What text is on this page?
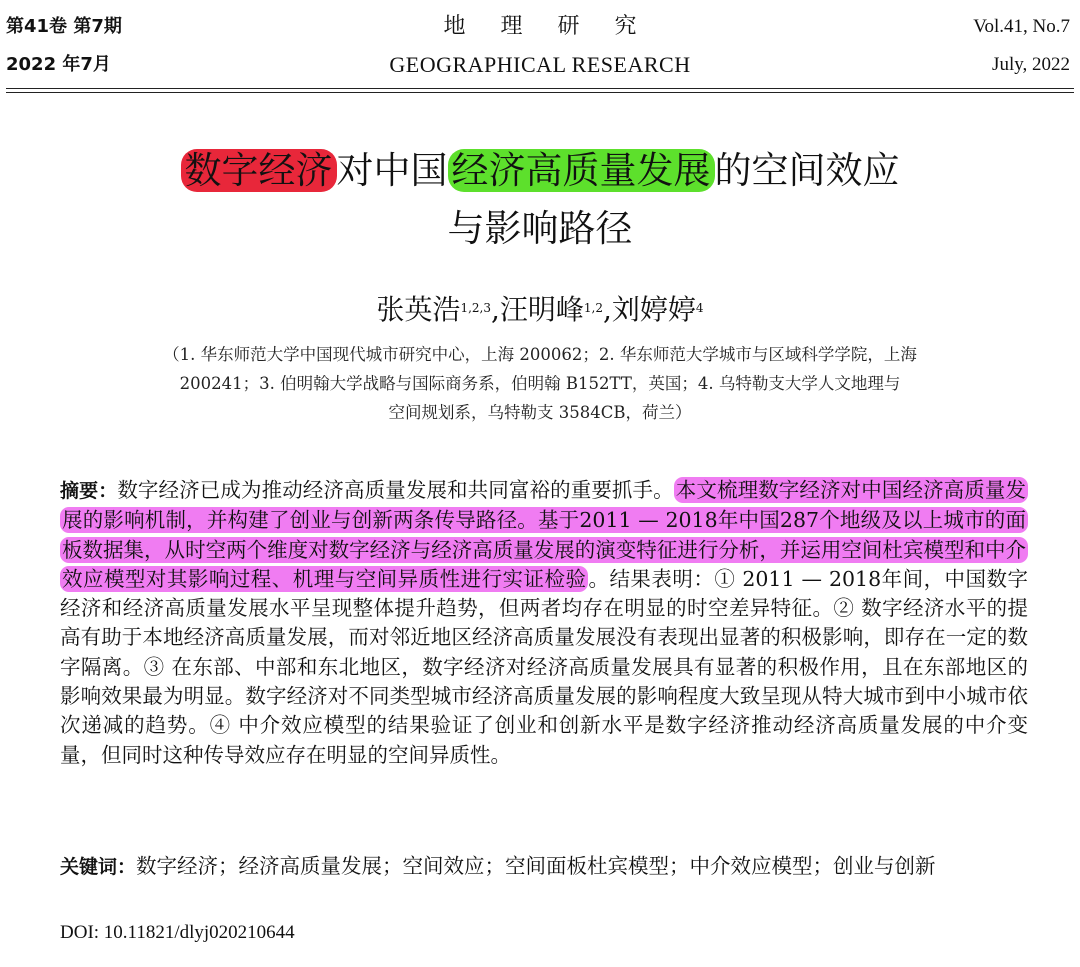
第41卷 第7期
2022 年7月
地 理 研 究
GEOGRAPHICAL RESEARCH
Vol.41, No.7
July, 2022
数字经济 对中国 经济高质量发展 的空间效应
与影响路径
张英浩$^{1,2,3}$,汪明峰$^{1,2}$,刘婷婷$^4$
（1. 华东师范大学中国现代城市研究中心，上海 200062；2. 华东师范大学城市与区域科学学院，上海
200241；3. 伯明翰大学战略与国际商务系，伯明翰 B152TT，英国；4. 乌特勒支大学人文地理与
空间规划系，乌特勒支 3584CB，荷兰）
摘要：数字经济已成为推动经济高质量发展和共同富裕的重要抓手。本文梳理数字经济对中国经济高质量发展的影响机制，并构建了创业与创新两条传导路径。基于2011 — 2018年中国287个地级及以上城市的面板数据集，从时空两个维度对数字经济与经济高质量发展的演变特征进行分析，并运用空间杜宾模型和中介效应模型对其影响过程、机理与空间异质性进行实证检验。结果表明：① 2011 — 2018年间，中国数字经济和经济高质量发展水平呈现整体提升趋势，但两者均存在明显的时空差异特征。② 数字经济水平的提高有助于本地经济高质量发展，而对邻近地区经济高质量发展没有表现出显著的积极影响，即存在一定的数字隔离。③ 在东部、中部和东北地区，数字经济对经济高质量发展具有显著的积极作用，且在东部地区的影响效果最为明显。数字经济对不同类型城市经济高质量发展的影响程度大致呈现从特大城市到中小城市依次递减的趋势。④ 中介效应模型的结果验证了创业和创新水平是数字经济推动经济高质量发展的中介变量，但同时这种传导效应存在明显的空间异质性。
关键词：数字经济；经济高质量发展；空间效应；空间面板杜宾模型；中介效应模型；创业与创新
DOI: 10.11821/dlyj020210644
